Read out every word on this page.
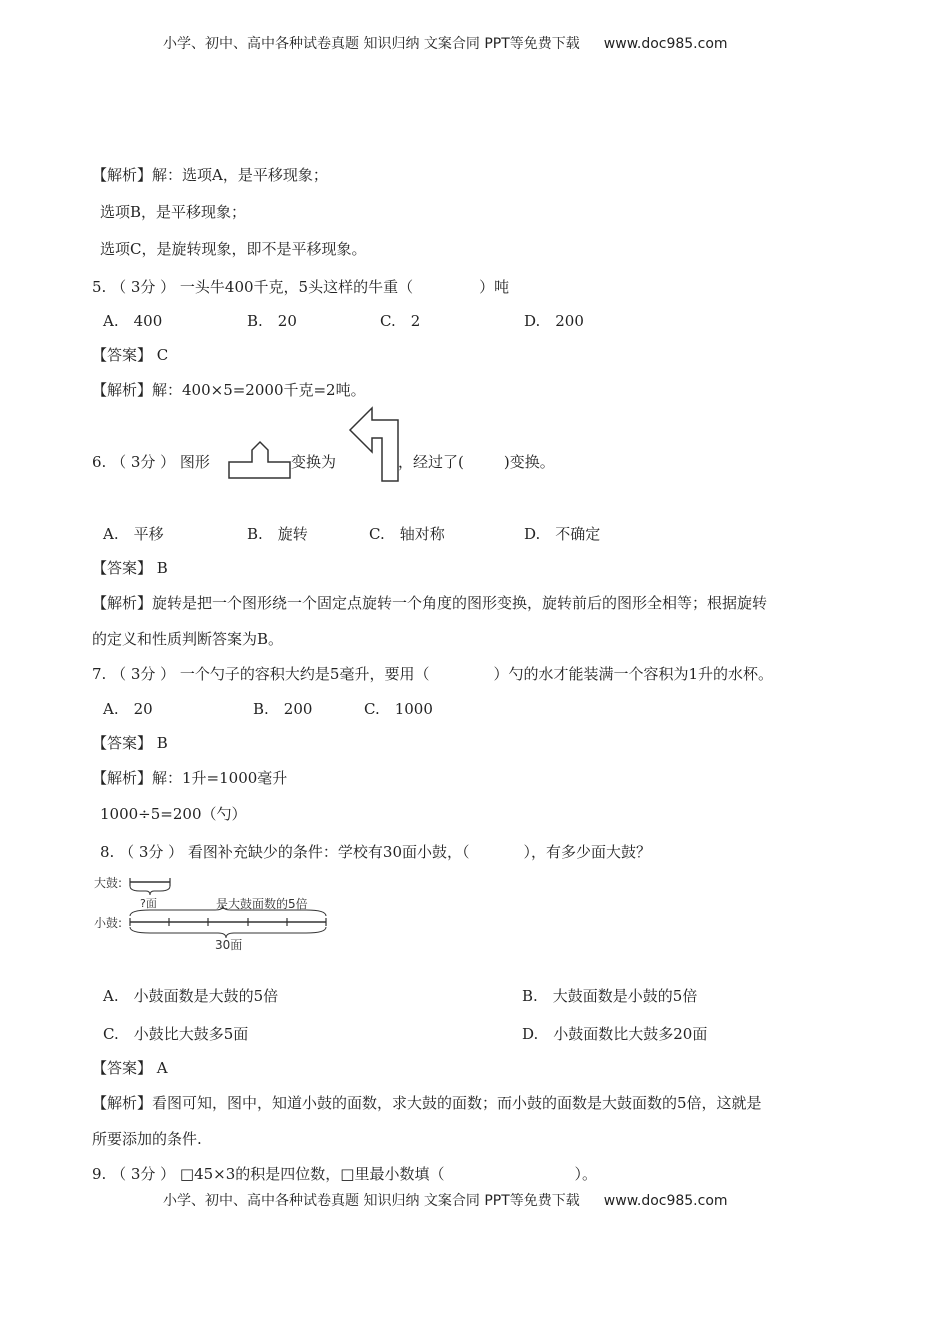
小学、初中、高中各种试卷真题 知识归纳 文案合同 PPT等免费下载 www.doc985.com
【解析】解：选项A，是平移现象；
选项B，是平移现象；
选项C，是旋转现象，即不是平移现象。
5. （ 3分 ） 一头牛400千克，5头这样的牛重（	）吨
A.　400	B.　20	C.　2	D.　200
【答案】 C
【解析】解：400×5=2000千克=2吨。
6. （ 3分 ） 图形	变换为	，经过了(	)变换。
A.　平移	B.　旋转	C.　轴对称	D.　不确定
【答案】 B
【解析】旋转是把一个图形绕一个固定点旋转一个角度的图形变换，旋转前后的图形全相等；根据旋转
的定义和性质判断答案为B。
7. （ 3分 ） 一个勺子的容积大约是5毫升，要用（	）勺的水才能装满一个容积为1升的水杯。
A.　20	B.　200	C.　1000
【答案】 B
【解析】解：1升=1000毫升
1000÷5=200（勺）
8. （ 3分 ） 看图补充缺少的条件：学校有30面小鼓，（	），有多少面大鼓？
大鼓:
?面	是大鼓面数的5倍
小鼓:
30面
A.　小鼓面数是大鼓的5倍	B.　大鼓面数是小鼓的5倍
C.　小鼓比大鼓多5面	D.　小鼓面数比大鼓多20面
【答案】 A
【解析】看图可知，图中，知道小鼓的面数，求大鼓的面数；而小鼓的面数是大鼓面数的5倍，这就是
所要添加的条件.
9. （ 3分 ） □45×3的积是四位数，□里最小数填（	）。
小学、初中、高中各种试卷真题 知识归纳 文案合同 PPT等免费下载 www.doc985.com
